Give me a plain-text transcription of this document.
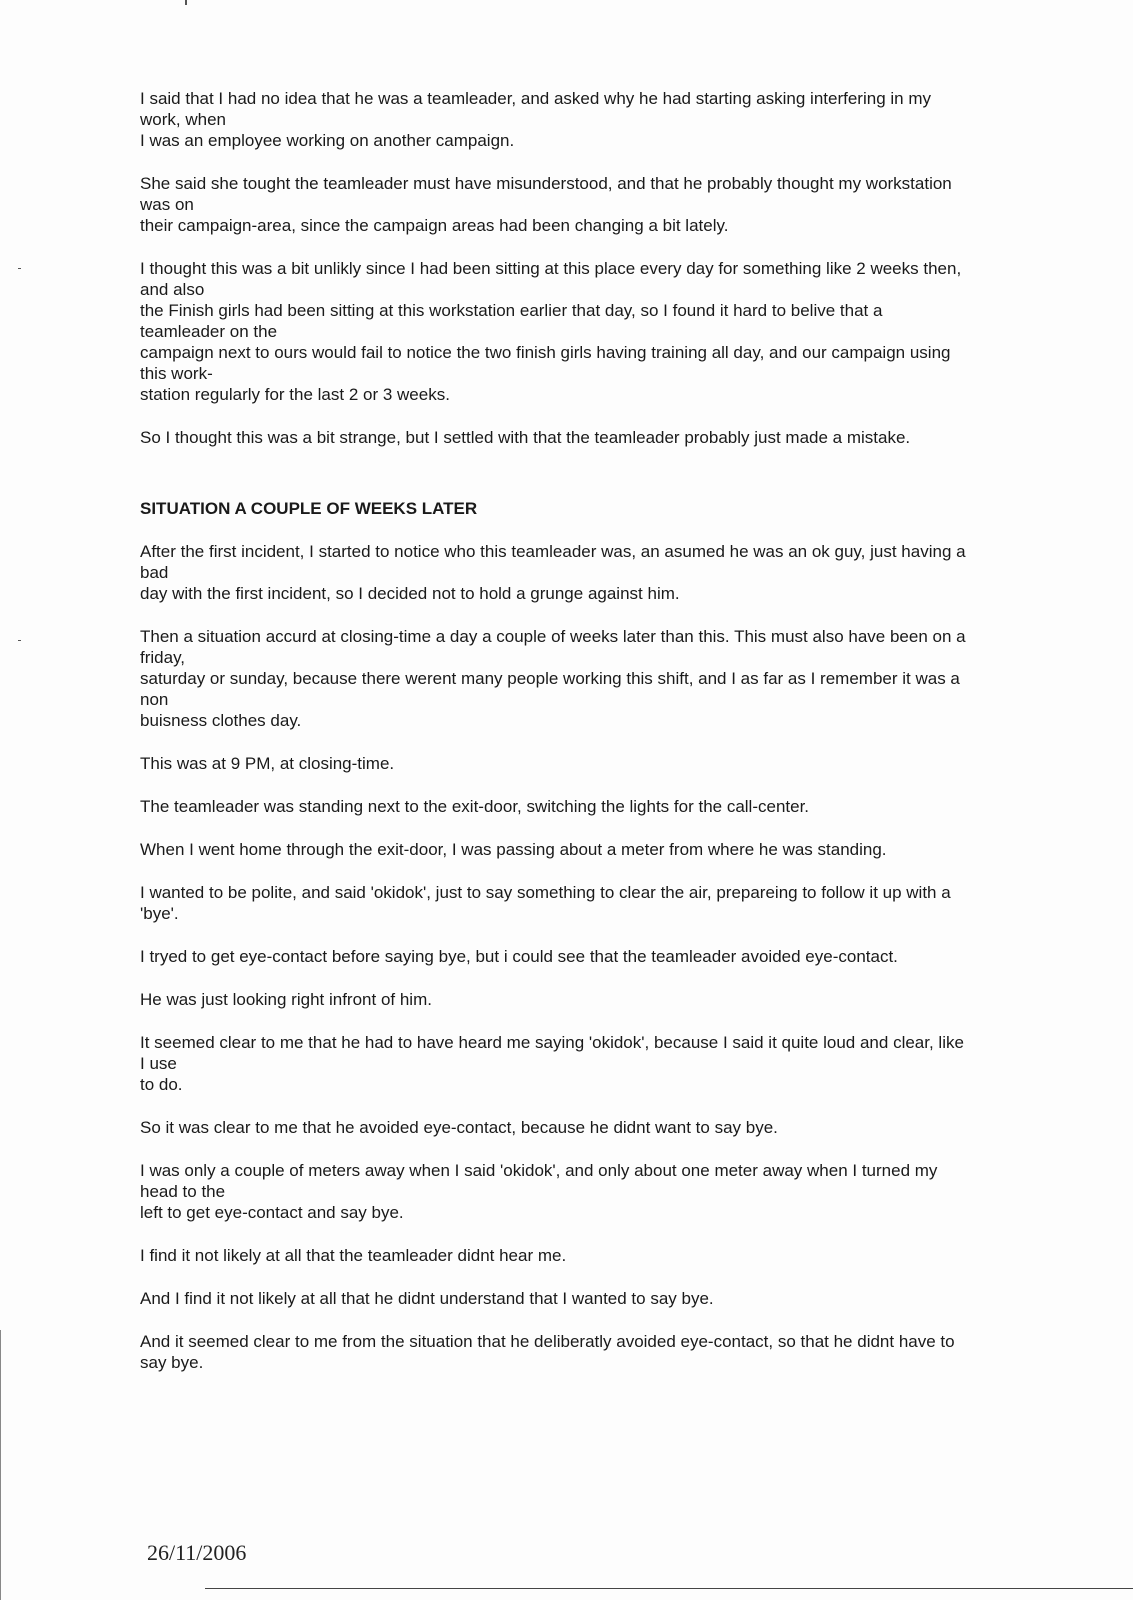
I said that I had no idea that he was a teamleader, and asked why he had starting asking interfering in my
work, when
I was an employee working on another campaign.
She said she tought the teamleader must have misunderstood, and that he probably thought my workstation
was on
their campaign-area, since the campaign areas had been changing a bit lately.
I thought this was a bit unlikly since I had been sitting at this place every day for something like 2 weeks then,
and also
the Finish girls had been sitting at this workstation earlier that day, so I found it hard to belive that a
teamleader on the
campaign next to ours would fail to notice the two finish girls having training all day, and our campaign using
this work-
station regularly for the last 2 or 3 weeks.
So I thought this was a bit strange, but I settled with that the teamleader probably just made a mistake.
SITUATION A COUPLE OF WEEKS LATER
After the first incident, I started to notice who this teamleader was, an asumed he was an ok guy, just having a
bad
day with the first incident, so I decided not to hold a grunge against him.
Then a situation accurd at closing-time a day a couple of weeks later than this. This must also have been on a
friday,
saturday or sunday, because there werent many people working this shift, and I as far as I remember it was a
non
buisness clothes day.
This was at 9 PM, at closing-time.
The teamleader was standing next to the exit-door, switching the lights for the call-center.
When I went home through the exit-door, I was passing about a meter from where he was standing.
I wanted to be polite, and said 'okidok', just to say something to clear the air, prepareing to follow it up with a
'bye'.
I tryed to get eye-contact before saying bye, but i could see that the teamleader avoided eye-contact.
He was just looking right infront of him.
It seemed clear to me that he had to have heard me saying 'okidok', because I said it quite loud and clear, like
I use
to do.
So it was clear to me that he avoided eye-contact, because he didnt want to say bye.
I was only a couple of meters away when I said 'okidok', and only about one meter away when I turned my
head to the
left to get eye-contact and say bye.
I find it not likely at all that the teamleader didnt hear me.
And I find it not likely at all that he didnt understand that I wanted to say bye.
And it seemed clear to me from the situation that he deliberatly avoided eye-contact, so that he didnt have to
say bye.
26/11/2006
